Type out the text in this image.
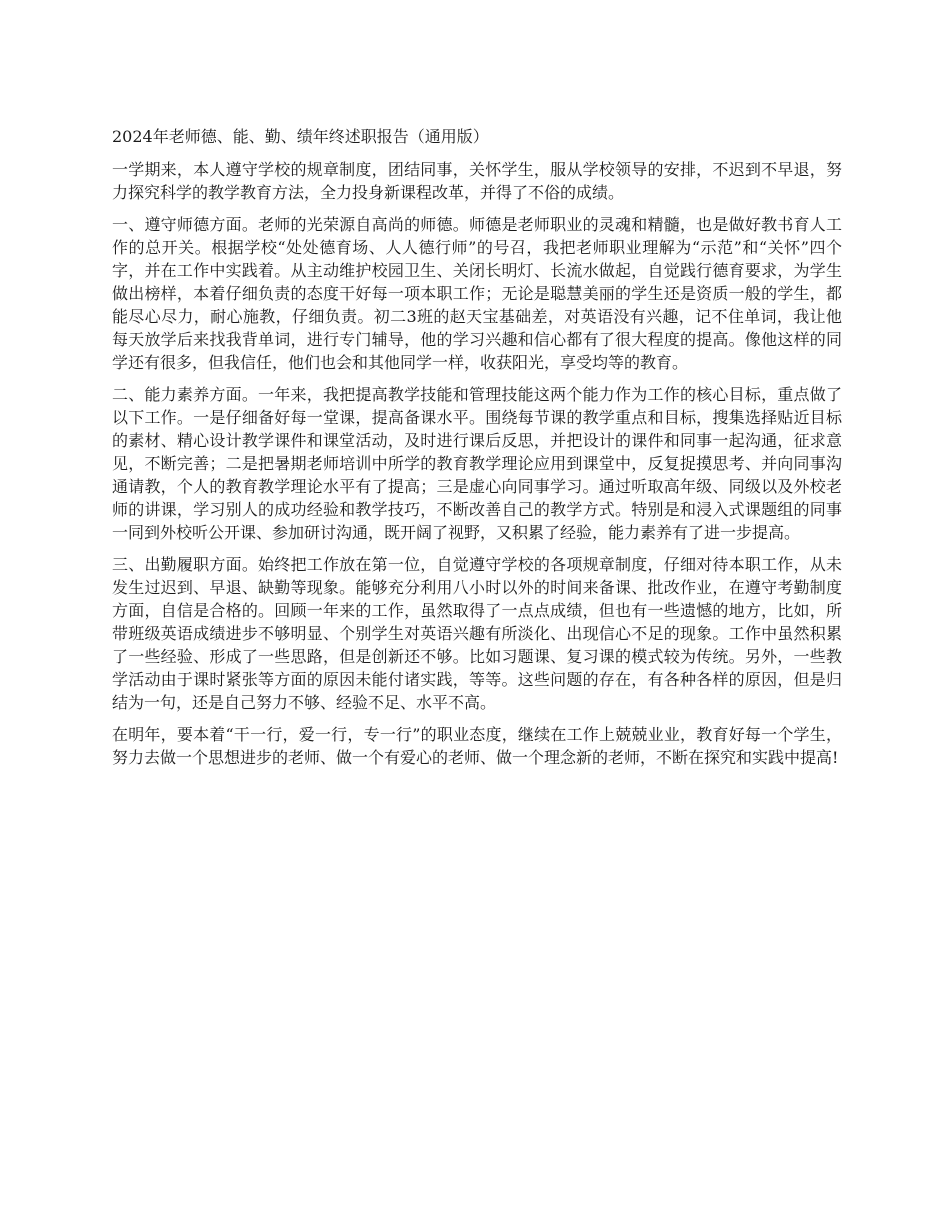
2024年老师德、能、勤、绩年终述职报告（通用版）

一学期来，本人遵守学校的规章制度，团结同事，关怀学生，服从学校领导的安排，不迟到不早退，努力探究科学的教学教育方法，全力投身新课程改革，并得了不俗的成绩。

一、遵守师德方面。老师的光荣源自高尚的师德。师德是老师职业的灵魂和精髓，也是做好教书育人工作的总开关。根据学校“处处德育场、人人德行师”的号召，我把老师职业理解为“示范”和“关怀”四个字，并在工作中实践着。从主动维护校园卫生、关闭长明灯、长流水做起，自觉践行德育要求，为学生做出榜样，本着仔细负责的态度干好每一项本职工作；无论是聪慧美丽的学生还是资质一般的学生，都能尽心尽力，耐心施教，仔细负责。初二3班的赵天宝基础差，对英语没有兴趣，记不住单词，我让他每天放学后来找我背单词，进行专门辅导，他的学习兴趣和信心都有了很大程度的提高。像他这样的同学还有很多，但我信任，他们也会和其他同学一样，收获阳光，享受均等的教育。

二、能力素养方面。一年来，我把提高教学技能和管理技能这两个能力作为工作的核心目标，重点做了以下工作。一是仔细备好每一堂课，提高备课水平。围绕每节课的教学重点和目标，搜集选择贴近目标的素材、精心设计教学课件和课堂活动，及时进行课后反思，并把设计的课件和同事一起沟通，征求意见，不断完善；二是把暑期老师培训中所学的教育教学理论应用到课堂中，反复捉摸思考、并向同事沟通请教，个人的教育教学理论水平有了提高；三是虚心向同事学习。通过听取高年级、同级以及外校老师的讲课，学习别人的成功经验和教学技巧，不断改善自己的教学方式。特别是和浸入式课题组的同事一同到外校听公开课、参加研讨沟通，既开阔了视野，又积累了经验，能力素养有了进一步提高。

三、出勤履职方面。始终把工作放在第一位，自觉遵守学校的各项规章制度，仔细对待本职工作，从未发生过迟到、早退、缺勤等现象。能够充分利用八小时以外的时间来备课、批改作业，在遵守考勤制度方面，自信是合格的。回顾一年来的工作，虽然取得了一点点成绩，但也有一些遗憾的地方，比如，所带班级英语成绩进步不够明显、个别学生对英语兴趣有所淡化、出现信心不足的现象。工作中虽然积累了一些经验、形成了一些思路，但是创新还不够。比如习题课、复习课的模式较为传统。另外，一些教学活动由于课时紧张等方面的原因未能付诸实践，等等。这些问题的存在，有各种各样的原因，但是归结为一句，还是自己努力不够、经验不足、水平不高。

在明年，要本着“干一行，爱一行，专一行”的职业态度，继续在工作上兢兢业业，教育好每一个学生，努力去做一个思想进步的老师、做一个有爱心的老师、做一个理念新的老师，不断在探究和实践中提高!
